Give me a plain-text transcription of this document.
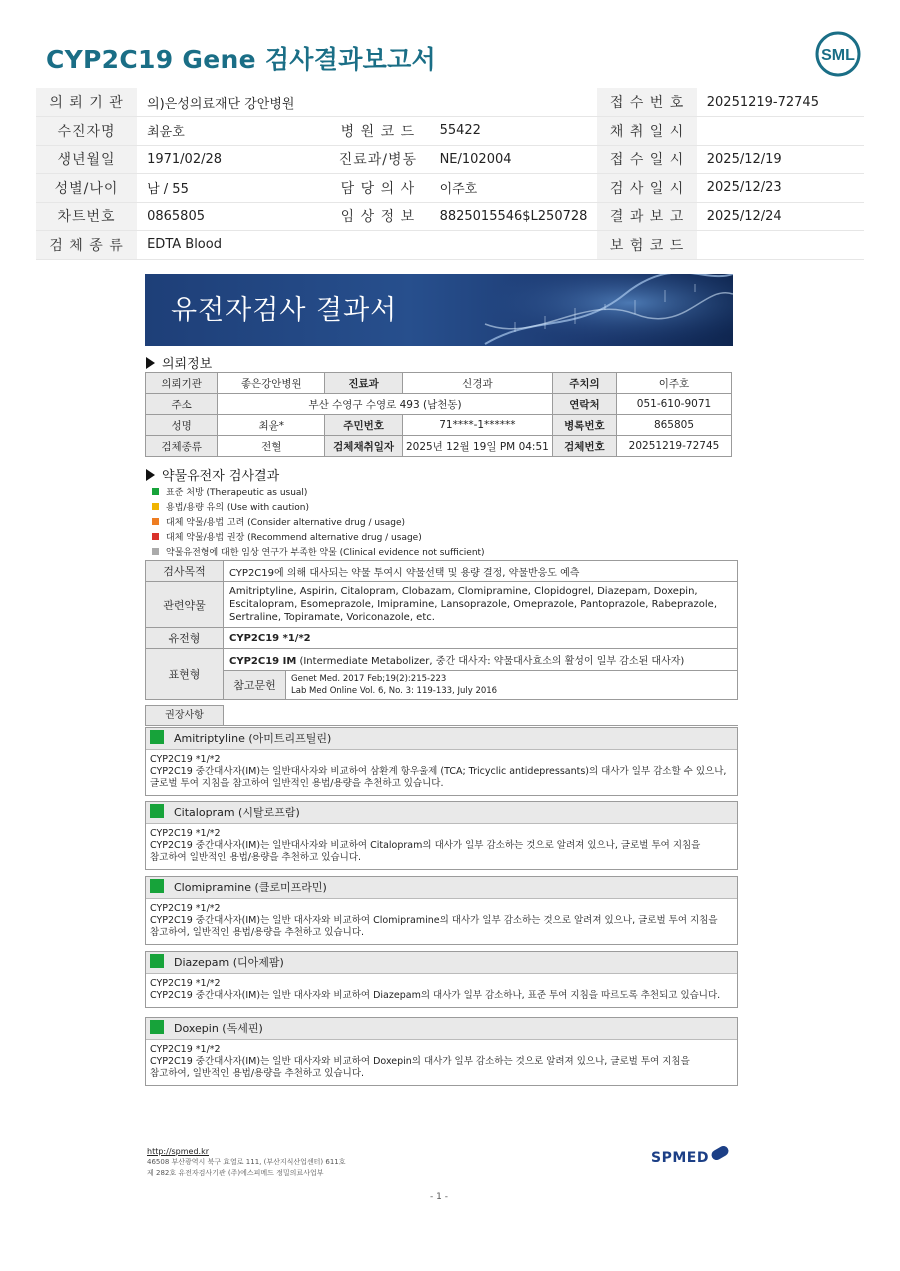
CYP2C19 Gene 검사결과보고서	SML
의 뢰 기 관	의)은성의료재단 강안병원			접 수 번 호	20251219-72745
수진자명	최윤호	병 원 코 드	55422	채 취 일 시	
생년월일	1971/02/28	진료과/병동	NE/102004	접 수 일 시	2025/12/19
성별/나이	남 / 55	담 당 의 사	이주호	검 사 일 시	2025/12/23
차트번호	0865805	임 상 정 보	8825015546$L250728	결 과 보 고	2025/12/24
검 체 종 류	EDTA Blood			보 험 코 드	
유전자검사 결과서
의뢰정보
의뢰기관	좋은강안병원	진료과	신경과	주치의	이주호
주소	부산 수영구 수영로 493 (남천동)			연락처	051-610-9071
성명	최윤*	주민번호	71****-1******	병록번호	865805
검체종류	전혈	검체채취일자	2025년 12월 19일 PM 04:51	검체번호	20251219-72745
약물유전자 검사결과
표준 처방 (Therapeutic as usual)
용법/용량 유의 (Use with caution)
대체 약물/용법 고려 (Consider alternative drug / usage)
대체 약물/용법 권장 (Recommend alternative drug / usage)
약물유전형에 대한 임상 연구가 부족한 약물 (Clinical evidence not sufficient)
검사목적	CYP2C19에 의해 대사되는 약물 투여시 약물선택 및 용량 결정, 약물반응도 예측	
관련약물	Amitriptyline, Aspirin, Citalopram, Clobazam, Clomipramine, Clopidogrel, Diazepam, Doxepin, Escitalopram, Esomeprazole, Imipramine, Lansoprazole, Omeprazole, Pantoprazole, Rabeprazole, Sertraline, Topiramate, Voriconazole, etc.	
유전형	CYP2C19 *1/*2	
표현형	CYP2C19 IM (Intermediate Metabolizer, 중간 대사자: 약물대사효소의 활성이 일부 감소된 대사자)	
	참고문헌	Genet Med. 2017 Feb;19(2):215-223
Lab Med Online Vol. 6, No. 3: 119-133, July 2016
권장사항
Amitriptyline (아미트리프틸린)
CYP2C19 *1/*2
CYP2C19 중간대사자(IM)는 일반대사자와 비교하여 삼환계 항우울제 (TCA; Tricyclic antidepressants)의 대사가 일부 감소할 수 있으나,
글로벌 투여 지침을 참고하여 일반적인 용법/용량을 추천하고 있습니다.
Citalopram (시탈로프람)
CYP2C19 *1/*2
CYP2C19 중간대사자(IM)는 일반대사자와 비교하여 Citalopram의 대사가 일부 감소하는 것으로 알려져 있으나, 글로벌 투여 지침을
참고하여 일반적인 용법/용량을 추천하고 있습니다.
Clomipramine (클로미프라민)
CYP2C19 *1/*2
CYP2C19 중간대사자(IM)는 일반 대사자와 비교하여 Clomipramine의 대사가 일부 감소하는 것으로 알려져 있으나, 글로벌 투여 지침을
참고하여, 일반적인 용법/용량을 추천하고 있습니다.
Diazepam (디아제팜)
CYP2C19 *1/*2
CYP2C19 중간대사자(IM)는 일반 대사자와 비교하여 Diazepam의 대사가 일부 감소하나, 표준 투여 지침을 따르도록 추천되고 있습니다.
Doxepin (독세핀)
CYP2C19 *1/*2
CYP2C19 중간대사자(IM)는 일반 대사자와 비교하여 Doxepin의 대사가 일부 감소하는 것으로 알려져 있으나, 글로벌 투여 지침을
참고하여, 일반적인 용법/용량을 추천하고 있습니다.
http://spmed.kr
46508 부산광역시 북구 효열로 111, (부산지식산업센터) 611호
제 282호 유전자검사기관 (주)에스피메드 정밀의료사업부
SPMED
- 1 -
